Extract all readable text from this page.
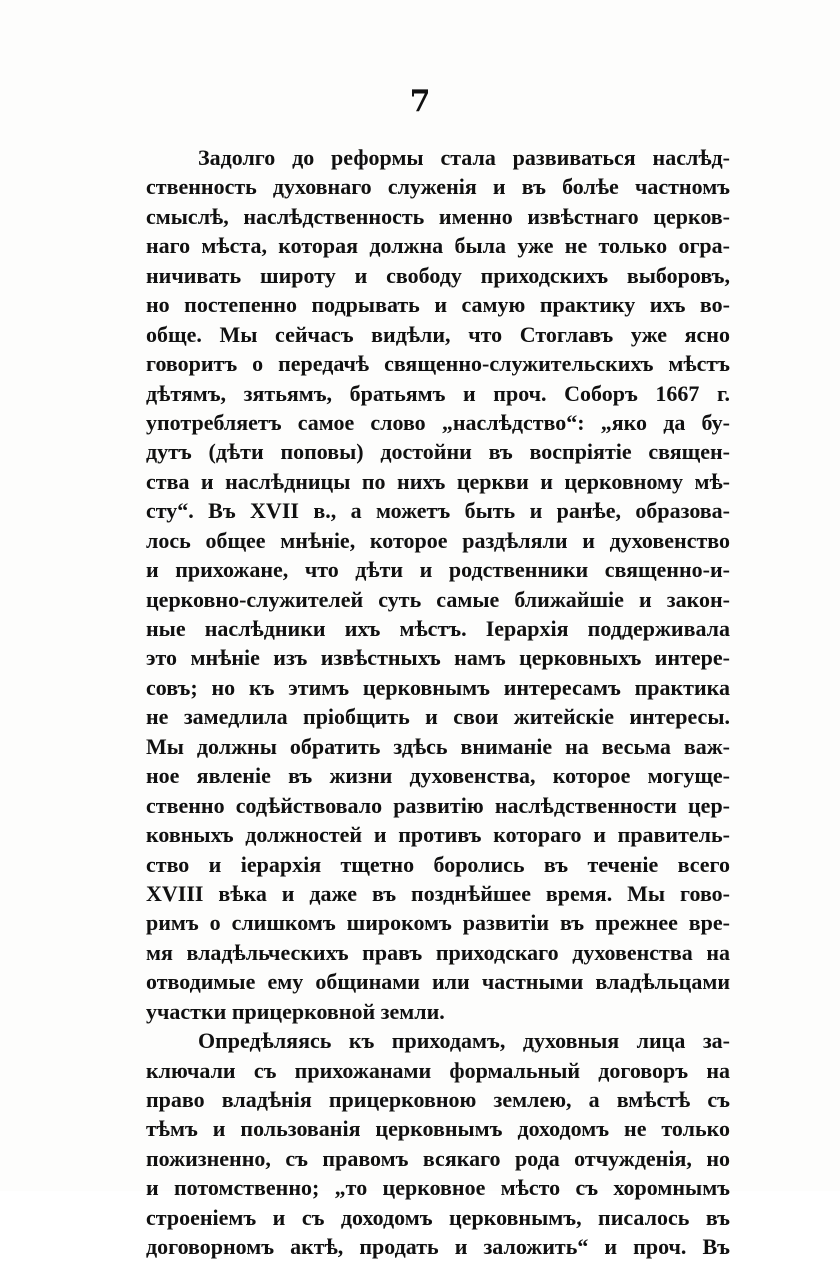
7
Задолго до реформы стала развиваться наслѣд-
ственность духовнаго служенія и въ болѣе частномъ
смыслѣ, наслѣдственность именно извѣстнаго церков-
наго мѣста, которая должна была уже не только огра-
ничивать широту и свободу приходскихъ выборовъ,
но постепенно подрывать и самую практику ихъ во-
обще. Мы сейчасъ видѣли, что Стоглавъ уже ясно
говоритъ о передачѣ священно-служительскихъ мѣстъ
дѣтямъ, зятьямъ, братьямъ и проч. Соборъ 1667 г.
употребляетъ самое слово „наслѣдство“: „яко да бу-
дутъ (дѣти поповы) достойни въ воспріятіе священ-
ства и наслѣдницы по нихъ церкви и церковному мѣ-
сту“. Въ XVII в., а можетъ быть и ранѣе, образова-
лось общее мнѣніе, которое раздѣляли и духовенство
и прихожане, что дѣти и родственники священно-и-
церковно-служителей суть самые ближайшіе и закон-
ные наслѣдники ихъ мѣстъ. Іерархія поддерживала
это мнѣніе изъ извѣстныхъ намъ церковныхъ интере-
совъ; но къ этимъ церковнымъ интересамъ практика
не замедлила пріобщить и свои житейскіе интересы.
Мы должны обратить здѣсь вниманіе на весьма важ-
ное явленіе въ жизни духовенства, которое могуще-
ственно содѣйствовало развитію наслѣдственности цер-
ковныхъ должностей и противъ котораго и правитель-
ство и іерархія тщетно боролись въ теченіе всего
XVIII вѣка и даже въ позднѣйшее время. Мы гово-
римъ о слишкомъ широкомъ развитіи въ прежнее вре-
мя владѣльческихъ правъ приходскаго духовенства на
отводимые ему общинами или частными владѣльцами
участки прицерковной земли.
Опредѣляясь къ приходамъ, духовныя лица за-
ключали съ прихожанами формальный договоръ на
право владѣнія прицерковною землею, а вмѣстѣ съ
тѣмъ и пользованія церковнымъ доходомъ не только
пожизненно, съ правомъ всякаго рода отчужденія, но
и потомственно; „то церковное мѣсто съ хоромнымъ
строеніемъ и съ доходомъ церковнымъ, писалось въ
договорномъ актѣ, продать и заложить“ и проч. Въ
